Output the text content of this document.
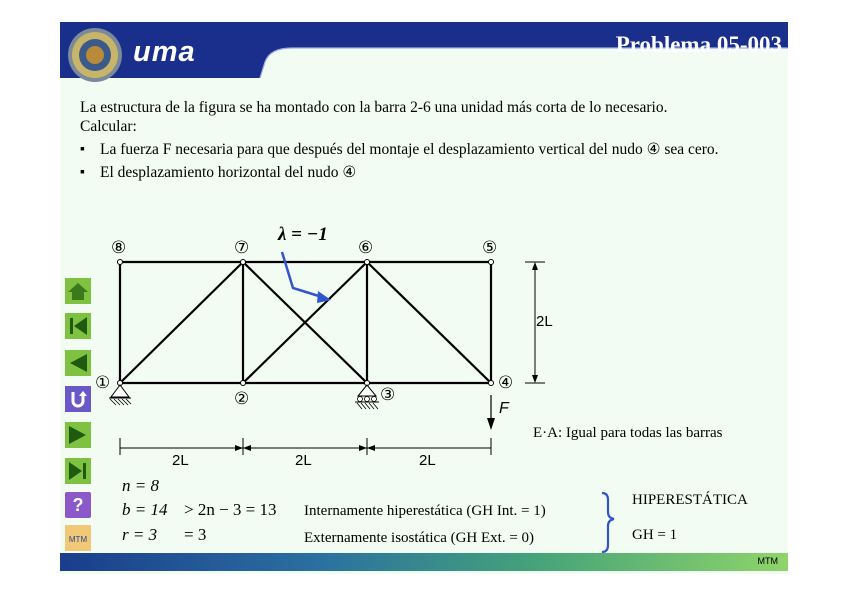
uma	Problema 05-003

La estructura de la figura se ha montado con la barra 2-6 una unidad más corta de lo necesario.

Calcular:

▪ La fuerza F necesaria para que después del montaje el desplazamiento vertical del nudo ④ sea cero.
▪ El desplazamiento horizontal del nudo ④
?
MTM
⑧	⑦	⑥	⑤
①
②	③
④
λ = −1
2L
F
2L	2L	2L
E·A: Igual para todas las barras
n = 8
b = 14 > 2n − 3 = 13
r = 3 = 3
Internamente hiperestática (GH Int. = 1)
Externamente isostática (GH Ext. = 0)
HIPERESTÁTICA
GH = 1
MTM
